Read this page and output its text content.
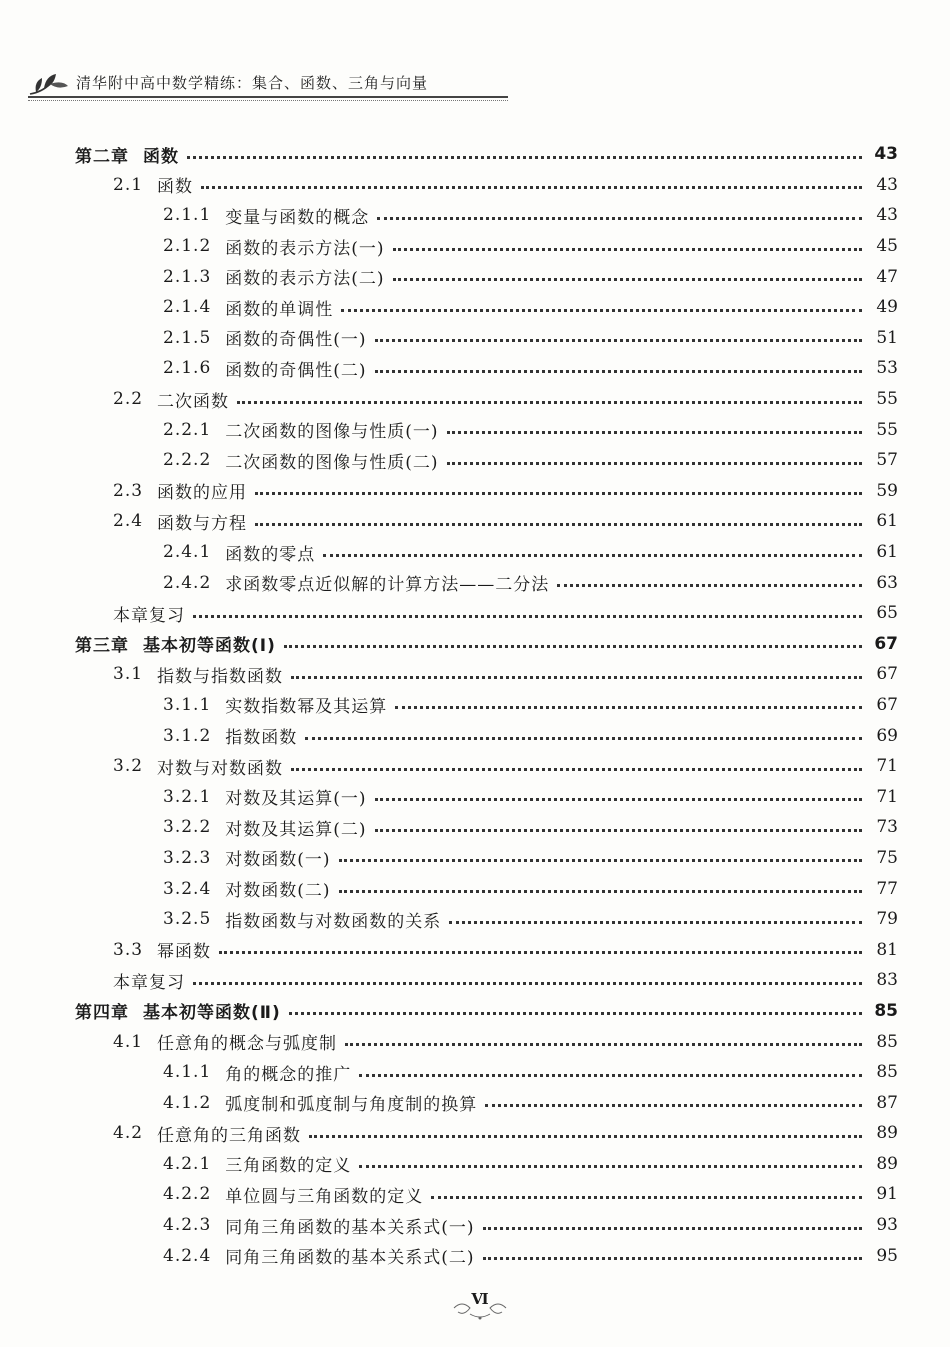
清华附中高中数学精练：集合、函数、三角与向量
第二章 函数	43
2.1 函数	43
2.1.1 变量与函数的概念	43
2.1.2 函数的表示方法(一)	45
2.1.3 函数的表示方法(二)	47
2.1.4 函数的单调性	49
2.1.5 函数的奇偶性(一)	51
2.1.6 函数的奇偶性(二)	53
2.2 二次函数	55
2.2.1 二次函数的图像与性质(一)	55
2.2.2 二次函数的图像与性质(二)	57
2.3 函数的应用	59
2.4 函数与方程	61
2.4.1 函数的零点	61
2.4.2 求函数零点近似解的计算方法——二分法	63
本章复习	65
第三章 基本初等函数(Ⅰ)	67
3.1 指数与指数函数	67
3.1.1 实数指数幂及其运算	67
3.1.2 指数函数	69
3.2 对数与对数函数	71
3.2.1 对数及其运算(一)	71
3.2.2 对数及其运算(二)	73
3.2.3 对数函数(一)	75
3.2.4 对数函数(二)	77
3.2.5 指数函数与对数函数的关系	79
3.3 幂函数	81
本章复习	83
第四章 基本初等函数(Ⅱ)	85
4.1 任意角的概念与弧度制	85
4.1.1 角的概念的推广	85
4.1.2 弧度制和弧度制与角度制的换算	87
4.2 任意角的三角函数	89
4.2.1 三角函数的定义	89
4.2.2 单位圆与三角函数的定义	91
4.2.3 同角三角函数的基本关系式(一)	93
4.2.4 同角三角函数的基本关系式(二)	95
Ⅵ
